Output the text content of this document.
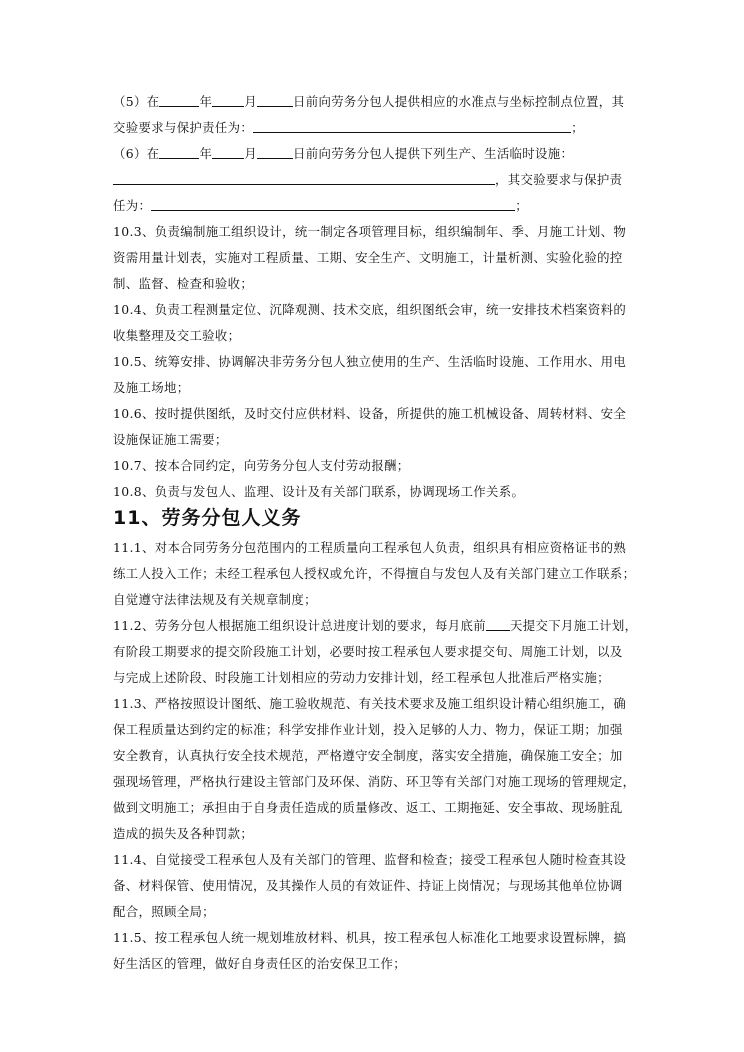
（5）在	年	月	日前向劳务分包人提供相应的水准点与坐标控制点位置，其
交验要求与保护责任为：	；
（6）在	年	月	日前向劳务分包人提供下列生产、生活临时设施：
，其交验要求与保护责
任为：	；
10.3、负责编制施工组织设计，统一制定各项管理目标，组织编制年、季、月施工计划、物
资需用量计划表，实施对工程质量、工期、安全生产、文明施工，计量析测、实验化验的控
制、监督、检查和验收；
10.4、负责工程测量定位、沉降观测、技术交底，组织图纸会审，统一安排技术档案资料的
收集整理及交工验收；
10.5、统筹安排、协调解决非劳务分包人独立使用的生产、生活临时设施、工作用水、用电
及施工场地；
10.6、按时提供图纸，及时交付应供材料、设备，所提供的施工机械设备、周转材料、安全
设施保证施工需要；
10.7、按本合同约定，向劳务分包人支付劳动报酬；
10.8、负责与发包人、监理、设计及有关部门联系，协调现场工作关系。
11、劳务分包人义务
11.1、对本合同劳务分包范围内的工程质量向工程承包人负责，组织具有相应资格证书的熟
练工人投入工作；未经工程承包人授权或允许，不得擅自与发包人及有关部门建立工作联系；
自觉遵守法律法规及有关规章制度；
11.2、劳务分包人根据施工组织设计总进度计划的要求，每月底前 天提交下月施工计划，
有阶段工期要求的提交阶段施工计划，必要时按工程承包人要求提交旬、周施工计划，以及
与完成上述阶段、时段施工计划相应的劳动力安排计划，经工程承包人批准后严格实施；
11.3、严格按照设计图纸、施工验收规范、有关技术要求及施工组织设计精心组织施工，确
保工程质量达到约定的标准；科学安排作业计划，投入足够的人力、物力，保证工期；加强
安全教育，认真执行安全技术规范，严格遵守安全制度，落实安全措施，确保施工安全；加
强现场管理，严格执行建设主管部门及环保、消防、环卫等有关部门对施工现场的管理规定，
做到文明施工；承担由于自身责任造成的质量修改、返工、工期拖延、安全事故、现场脏乱
造成的损失及各种罚款；
11.4、自觉接受工程承包人及有关部门的管理、监督和检查；接受工程承包人随时检查其设
备、材料保管、使用情况，及其操作人员的有效证件、持证上岗情况；与现场其他单位协调
配合，照顾全局；
11.5、按工程承包人统一规划堆放材料、机具，按工程承包人标准化工地要求设置标牌，搞
好生活区的管理，做好自身责任区的治安保卫工作；
